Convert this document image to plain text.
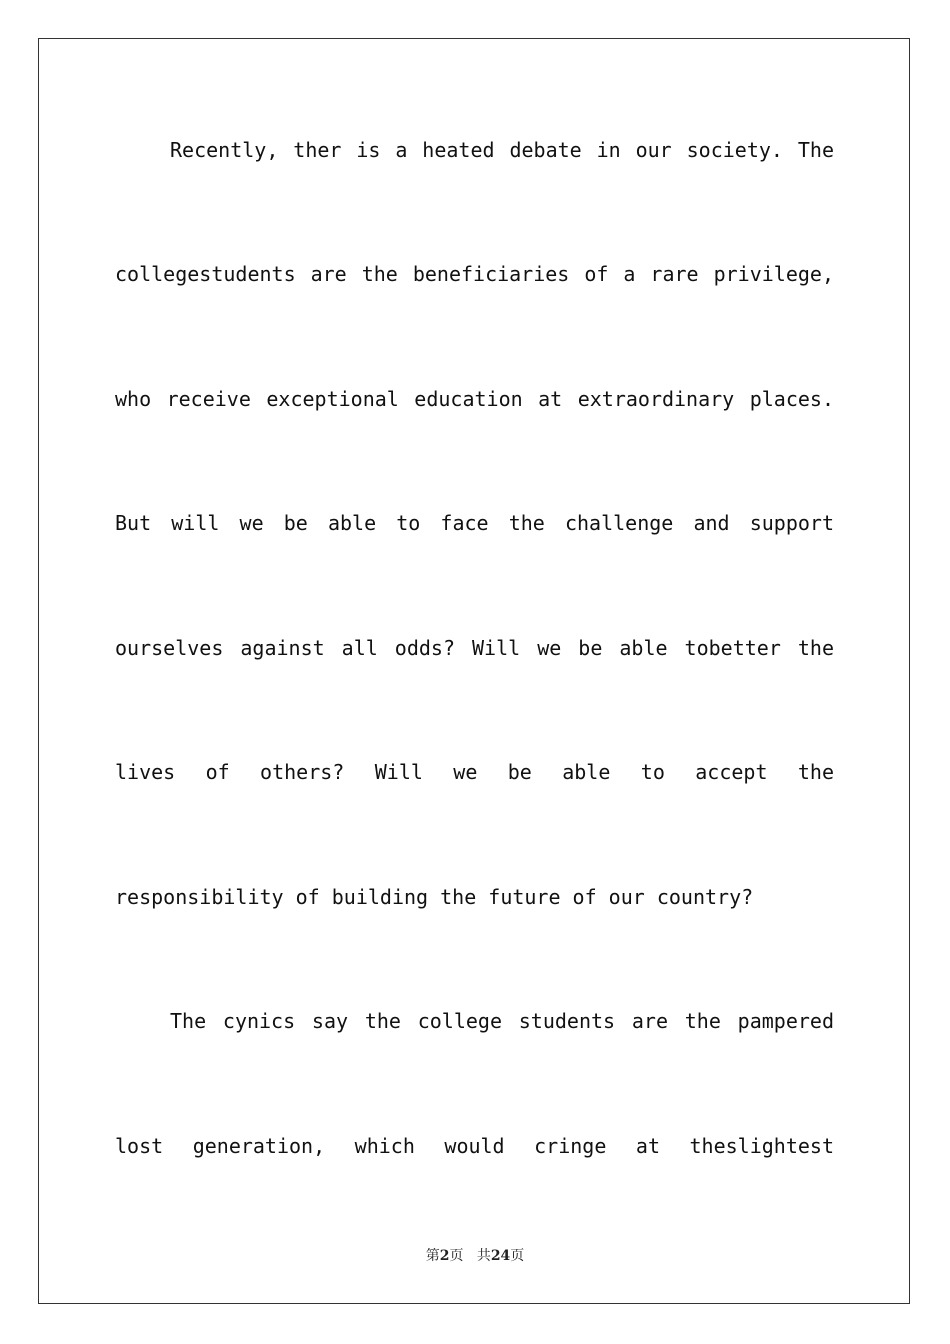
Recently, ther is a heated debate in our society. The
collegestudents are the beneficiaries of a rare privilege,
who receive exceptional education at extraordinary places.
But will we be able to face the challenge and support
ourselves against all odds? Will we be able tobetter the
lives of others? Will we be able to accept the
responsibility of building the future of our country?
The cynics say the college students are the pampered
lost generation, which would cringe at theslightest
第2页 共24页
